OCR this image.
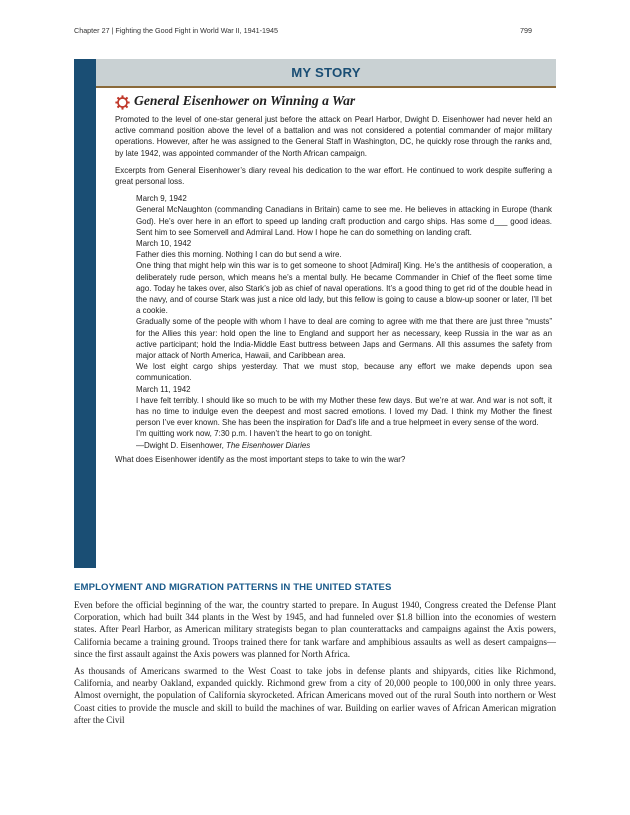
Chapter 27 | Fighting the Good Fight in World War II, 1941-1945	799
MY STORY
General Eisenhower on Winning a War

Promoted to the level of one-star general just before the attack on Pearl Harbor, Dwight D. Eisenhower had never held an active command position above the level of a battalion and was not considered a potential commander of major military operations. However, after he was assigned to the General Staff in Washington, DC, he quickly rose through the ranks and, by late 1942, was appointed commander of the North African campaign.

Excerpts from General Eisenhower’s diary reveal his dedication to the war effort. He continued to work despite suffering a great personal loss.

March 9, 1942

General McNaughton (commanding Canadians in Britain) came to see me. He believes in attacking in Europe (thank God). He’s over here in an effort to speed up landing craft production and cargo ships. Has some d___ good ideas. Sent him to see Somervell and Admiral Land. How I hope he can do something on landing craft.

March 10, 1942

Father dies this morning. Nothing I can do but send a wire.

One thing that might help win this war is to get someone to shoot [Admiral] King. He’s the antithesis of cooperation, a deliberately rude person, which means he’s a mental bully. He became Commander in Chief of the fleet some time ago. Today he takes over, also Stark’s job as chief of naval operations. It’s a good thing to get rid of the double head in the navy, and of course Stark was just a nice old lady, but this fellow is going to cause a blow-up sooner or later, I’ll bet a cookie.

Gradually some of the people with whom I have to deal are coming to agree with me that there are just three “musts” for the Allies this year: hold open the line to England and support her as necessary, keep Russia in the war as an active participant; hold the India-Middle East buttress between Japs and Germans. All this assumes the safety from major attack of North America, Hawaii, and Caribbean area.

We lost eight cargo ships yesterday. That we must stop, because any effort we make depends upon sea communication.

March 11, 1942

I have felt terribly. I should like so much to be with my Mother these few days. But we’re at war. And war is not soft, it has no time to indulge even the deepest and most sacred emotions. I loved my Dad. I think my Mother the finest person I’ve ever known. She has been the inspiration for Dad’s life and a true helpmeet in every sense of the word.

I’m quitting work now, 7:30 p.m. I haven’t the heart to go on tonight.

—Dwight D. Eisenhower, The Eisenhower Diaries

What does Eisenhower identify as the most important steps to take to win the war?

EMPLOYMENT AND MIGRATION PATTERNS IN THE UNITED STATES

Even before the official beginning of the war, the country started to prepare. In August 1940, Congress created the Defense Plant Corporation, which had built 344 plants in the West by 1945, and had funneled over $1.8 billion into the economies of western states. After Pearl Harbor, as American military strategists began to plan counterattacks and campaigns against the Axis powers, California became a training ground. Troops trained there for tank warfare and amphibious assaults as well as desert campaigns—since the first assault against the Axis powers was planned for North Africa.

As thousands of Americans swarmed to the West Coast to take jobs in defense plants and shipyards, cities like Richmond, California, and nearby Oakland, expanded quickly. Richmond grew from a city of 20,000 people to 100,000 in only three years. Almost overnight, the population of California skyrocketed. African Americans moved out of the rural South into northern or West Coast cities to provide the muscle and skill to build the machines of war. Building on earlier waves of African American migration after the Civil
